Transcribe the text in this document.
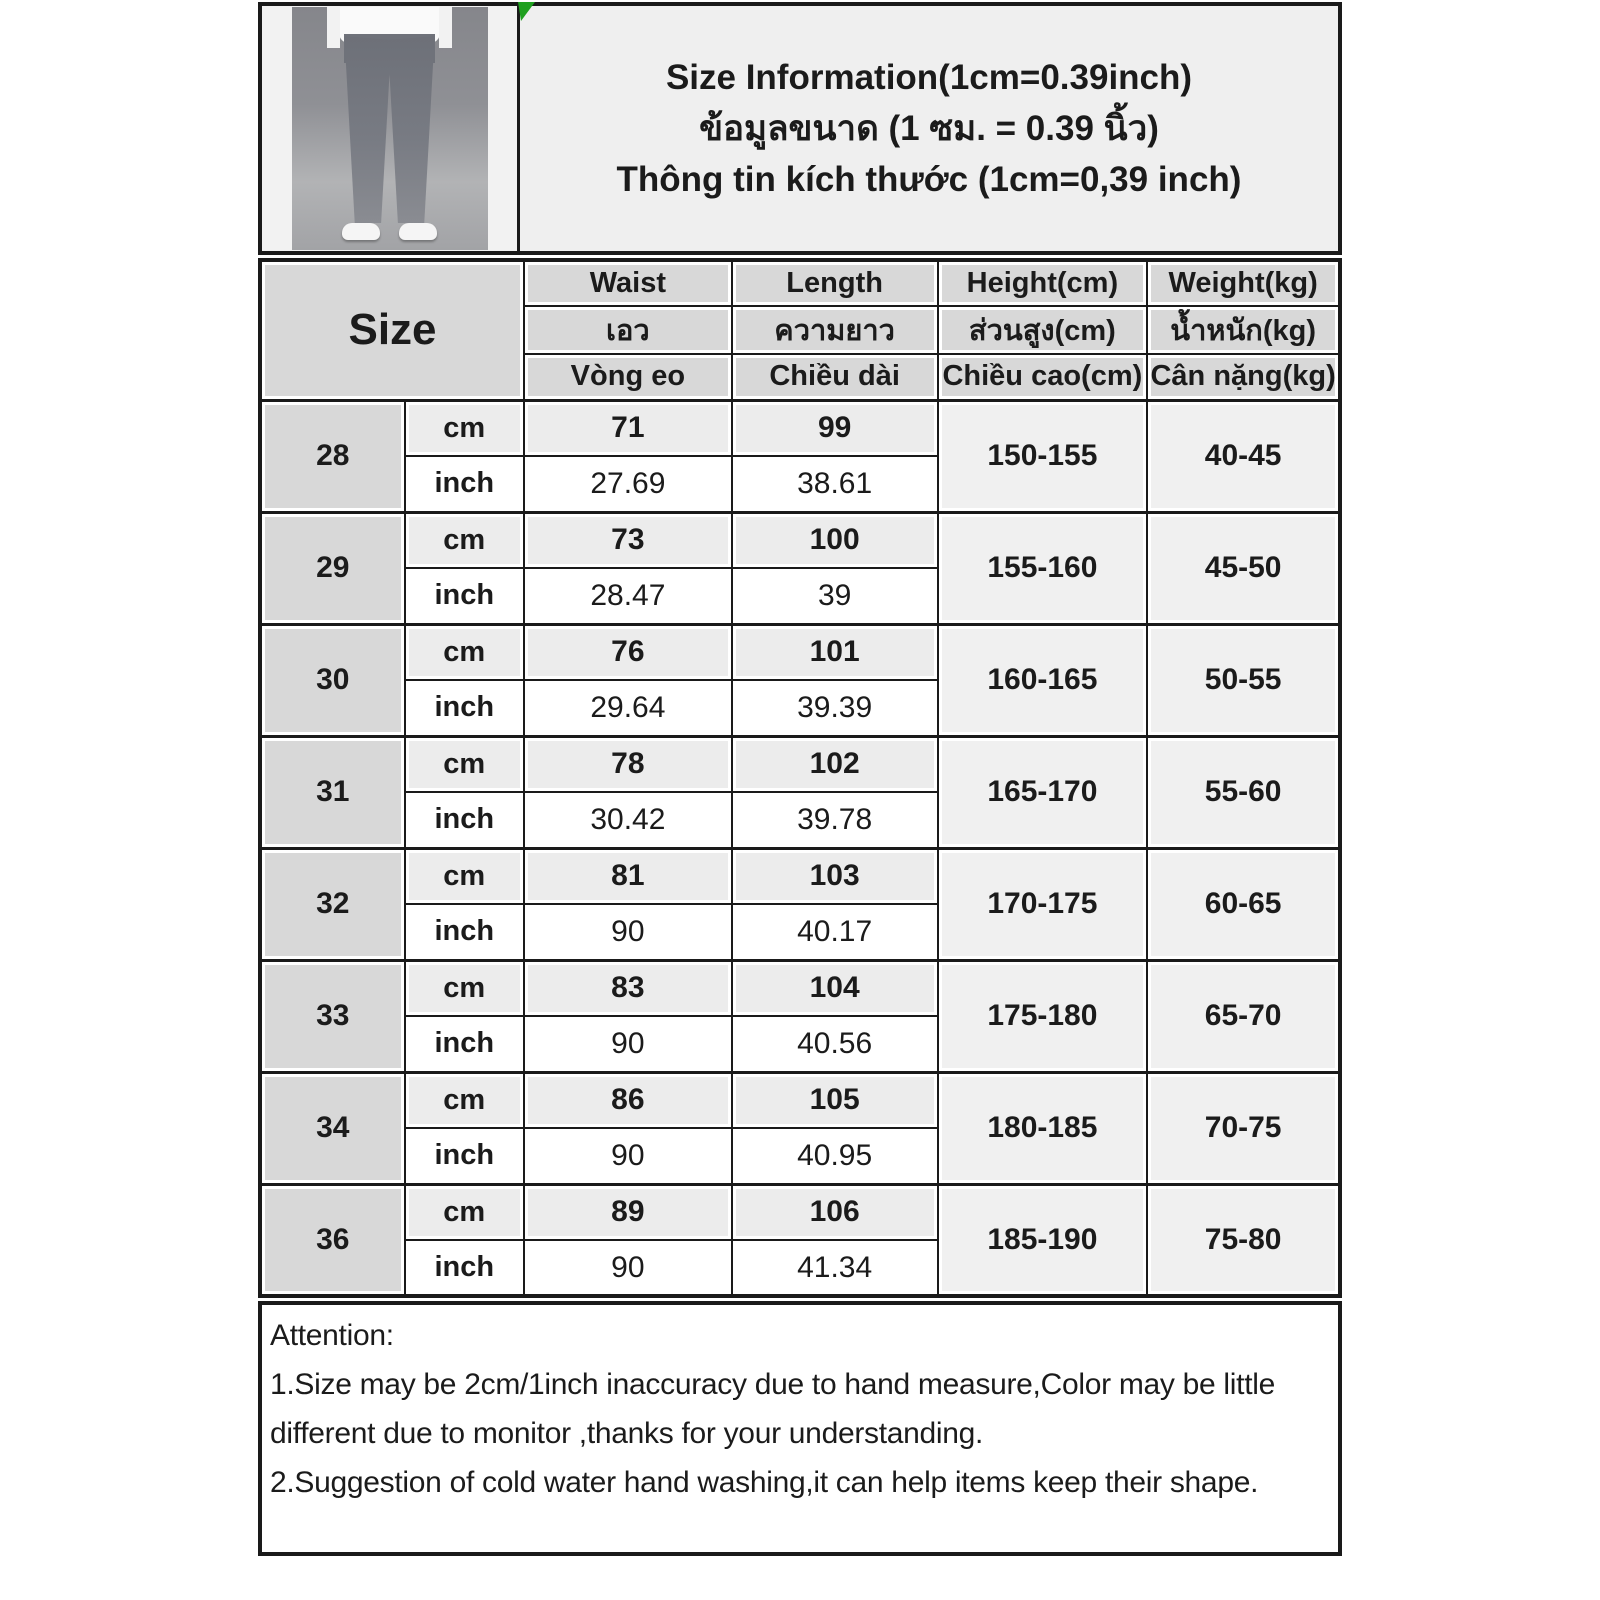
Size Information(1cm=0.39inch)
ข้อมูลขนาด (1 ซม. = 0.39 นิ้ว)
Thông tin kích thước (1cm=0,39 inch)
Size		Waist	Length	Height(cm)	Weight(kg)
		เอว	ความยาว	ส่วนสูง(cm)	น้ำหนัก(kg)
		Vòng eo	Chiều dài	Chiều cao(cm)	Cân nặng(kg)
28	cm	71	99	150-155	40-45
	inch	27.69	38.61		
29	cm	73	100	155-160	45-50
	inch	28.47	39		
30	cm	76	101	160-165	50-55
	inch	29.64	39.39		
31	cm	78	102	165-170	55-60
	inch	30.42	39.78		
32	cm	81	103	170-175	60-65
	inch	90	40.17		
33	cm	83	104	175-180	65-70
	inch	90	40.56		
34	cm	86	105	180-185	70-75
	inch	90	40.95		
36	cm	89	106	185-190	75-80
	inch	90	41.34		

Attention:

1.Size may be 2cm/1inch inaccuracy due to hand measure,Color may be little different due to monitor ,thanks for your understanding.

2.Suggestion of cold water hand washing,it can help items keep their shape.
